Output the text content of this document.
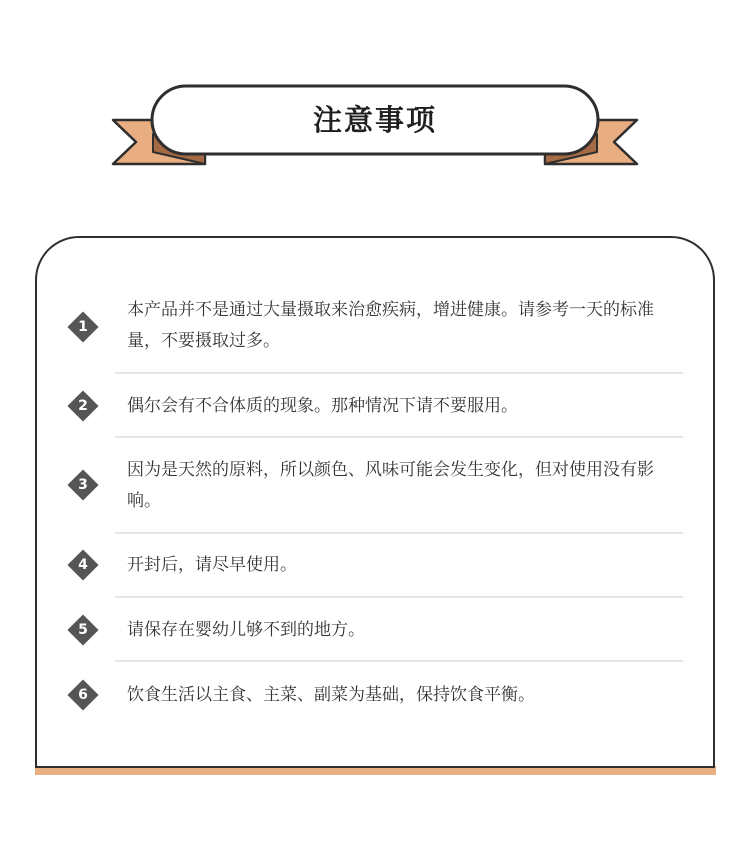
注意事项
1
本产品并不是通过大量摄取来治愈疾病，增进健康。请参考一天的标准量，不要摄取过多。
2	偶尔会有不合体质的现象。那种情况下请不要服用。
3
因为是天然的原料，所以颜色、风味可能会发生变化，但对使用没有影响。
4	开封后，请尽早使用。
5	请保存在婴幼儿够不到的地方。
6	饮食生活以主食、主菜、副菜为基础，保持饮食平衡。
